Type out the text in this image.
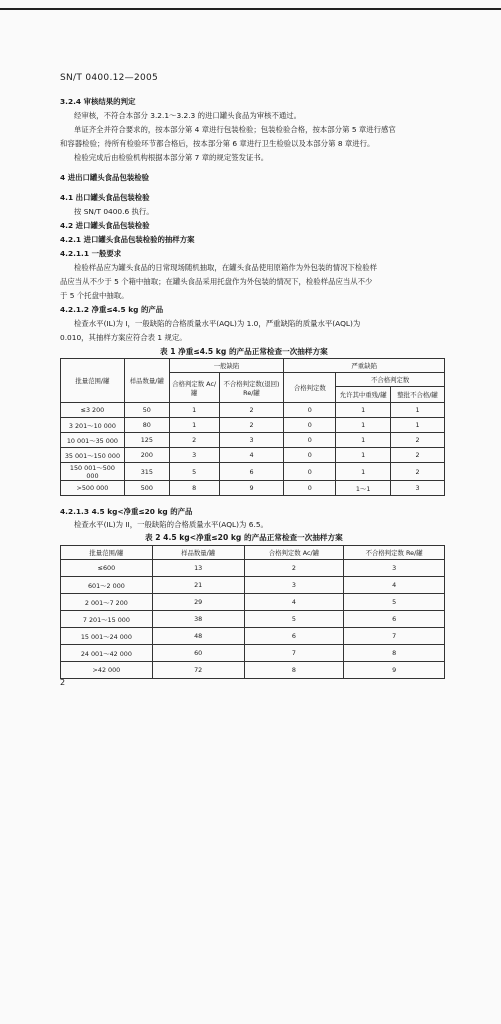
SN/T 0400.12—2005
3.2.4 审核结果的判定
经审核，不符合本部分 3.2.1～3.2.3 的进口罐头食品为审核不通过。
单证齐全并符合要求的，按本部分第 4 章进行包装检验；包装检验合格，按本部分第 5 章进行感官
和容器检验；待所有检验环节都合格后，按本部分第 6 章进行卫生检验以及本部分第 8 章进行。
检验完成后由检验机构根据本部分第 7 章的规定签发证书。
4 进出口罐头食品包装检验
4.1 出口罐头食品包装检验
按 SN/T 0400.6 执行。
4.2 进口罐头食品包装检验
4.2.1 进口罐头食品包装检验的抽样方案
4.2.1.1 一般要求
检验样品应为罐头食品的日常现场随机抽取，在罐头食品使用原箱作为外包装的情况下检验样
品应当从不少于 5 个箱中抽取；在罐头食品采用托盘作为外包装的情况下，检验样品应当从不少
于 5 个托盘中抽取。
4.2.1.2 净重≤4.5 kg 的产品
检查水平(IL)为 I，一般缺陷的合格质量水平(AQL)为 1.0，严重缺陷的质量水平(AQL)为
0.010，其抽样方案应符合表 1 规定。
表 1 净重≤4.5 kg 的产品正常检查一次抽样方案
批量范围/罐	样品数量/罐	一般缺陷		严重缺陷		
		合格判定数 Ac/罐	不合格判定数(退回) Re/罐	合格判定数	不合格判定数	
					允许其中重残/罐	整批不合格/罐
≤3 200	50	1	2	0	1	1
3 201～10 000	80	1	2	0	1	1
10 001～35 000	125	2	3	0	1	2
35 001～150 000	200	3	4	0	1	2
150 001～500 000	315	5	6	0	1	2
>500 000	500	8	9	0	1～1	3
4.2.1.3 4.5 kg<净重≤20 kg 的产品
检查水平(IL)为 II，一般缺陷的合格质量水平(AQL)为 6.5。
表 2 4.5 kg<净重≤20 kg 的产品正常检查一次抽样方案
批量范围/罐	样品数量/罐	合格判定数 Ac/罐	不合格判定数 Re/罐
≤600	13	2	3
601～2 000	21	3	4
2 001～7 200	29	4	5
7 201～15 000	38	5	6
15 001～24 000	48	6	7
24 001～42 000	60	7	8
>42 000	72	8	9
2
